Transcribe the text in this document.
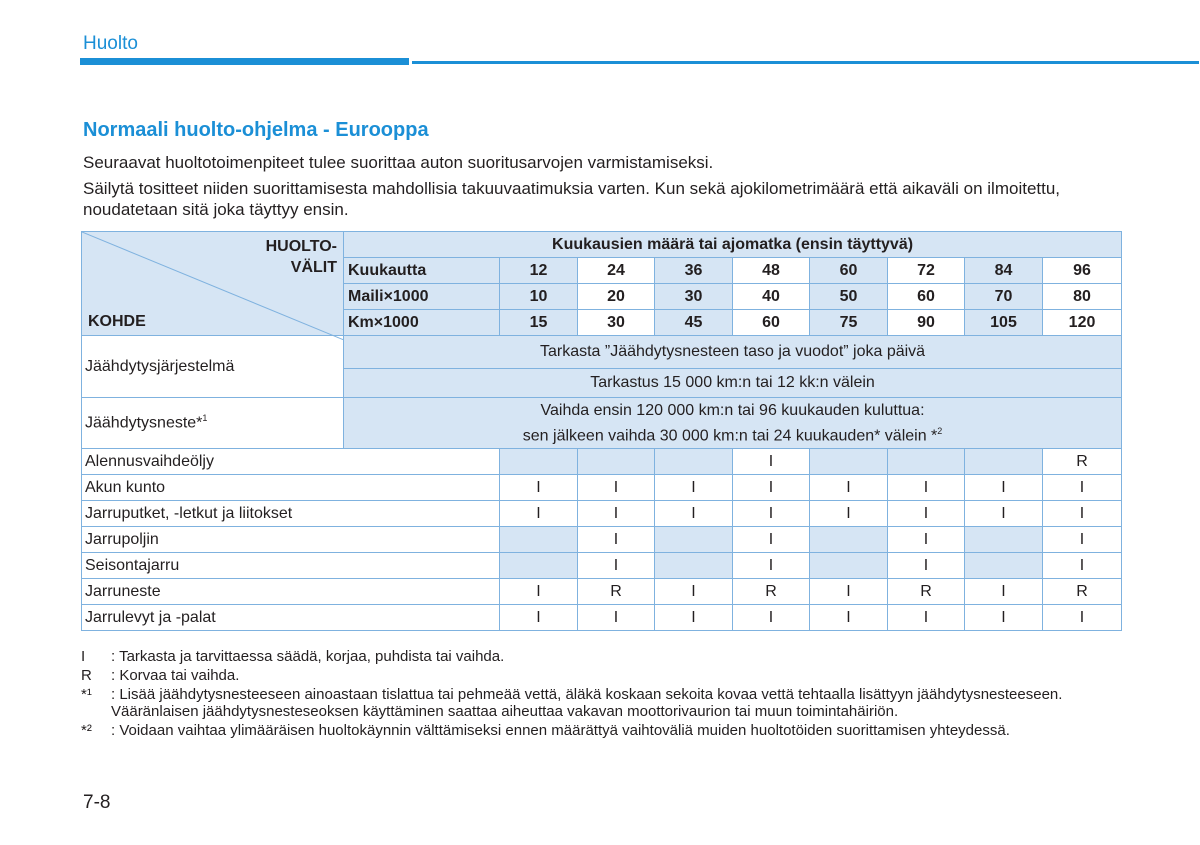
Huolto
Normaali huolto-ohjelma - Eurooppa
Seuraavat huoltotoimenpiteet tulee suorittaa auton suoritusarvojen varmistamiseksi.
Säilytä tositteet niiden suorittamisesta mahdollisia takuuvaatimuksia varten. Kun sekä ajokilometrimäärä että aikaväli on ilmoitettu, noudatetaan sitä joka täyttyy ensin.
HUOLTO-
VÄLIT
KOHDE	Kuukausien määrä tai ajomatka (ensin täyttyvä)								
	Kuukautta	12	24	36	48	60	72	84	96
	Maili×1000	10	20	30	40	50	60	70	80
	Km×1000	15	30	45	60	75	90	105	120
Jäähdytysjärjestelmä	Tarkasta ”Jäähdytysnesteen taso ja vuodot” joka päivä								
	Tarkastus 15 000 km:n tai 12 kk:n välein								
Jäähdytysneste*$^1$	Vaihda ensin 120 000 km:n tai 96 kuukauden kuluttua:
sen jälkeen vaihda 30 000 km:n tai 24 kuukauden* välein *$^2$

Alennusvaihdeöljy					I				R
Akun kunto		I	I	I	I	I	I	I	I
Jarruputket, -letkut ja liitokset		I	I	I	I	I	I	I	I
Jarrupoljin			I		I		I		I
Seisontajarru			I		I		I		I
Jarruneste		I	R	I	R	I	R	I	R
Jarrulevyt ja -palat		I	I	I	I	I	I	I	I
I	: Tarkasta ja tarvittaessa säädä, korjaa, puhdista tai vaihda.
R	: Korvaa tai vaihda.
*¹	: Lisää jäähdytysnesteeseen ainoastaan tislattua tai pehmeää vettä, äläkä koskaan sekoita kovaa vettä tehtaalla lisättyyn jäähdytysnesteeseen. Vääränlaisen jäähdytysnesteseoksen käyttäminen saattaa aiheuttaa vakavan moottorivaurion tai muun toimintahäiriön.
*²	: Voidaan vaihtaa ylimääräisen huoltokäynnin välttämiseksi ennen määrättyä vaihtoväliä muiden huoltotöiden suorittamisen yhteydessä.
7-8
